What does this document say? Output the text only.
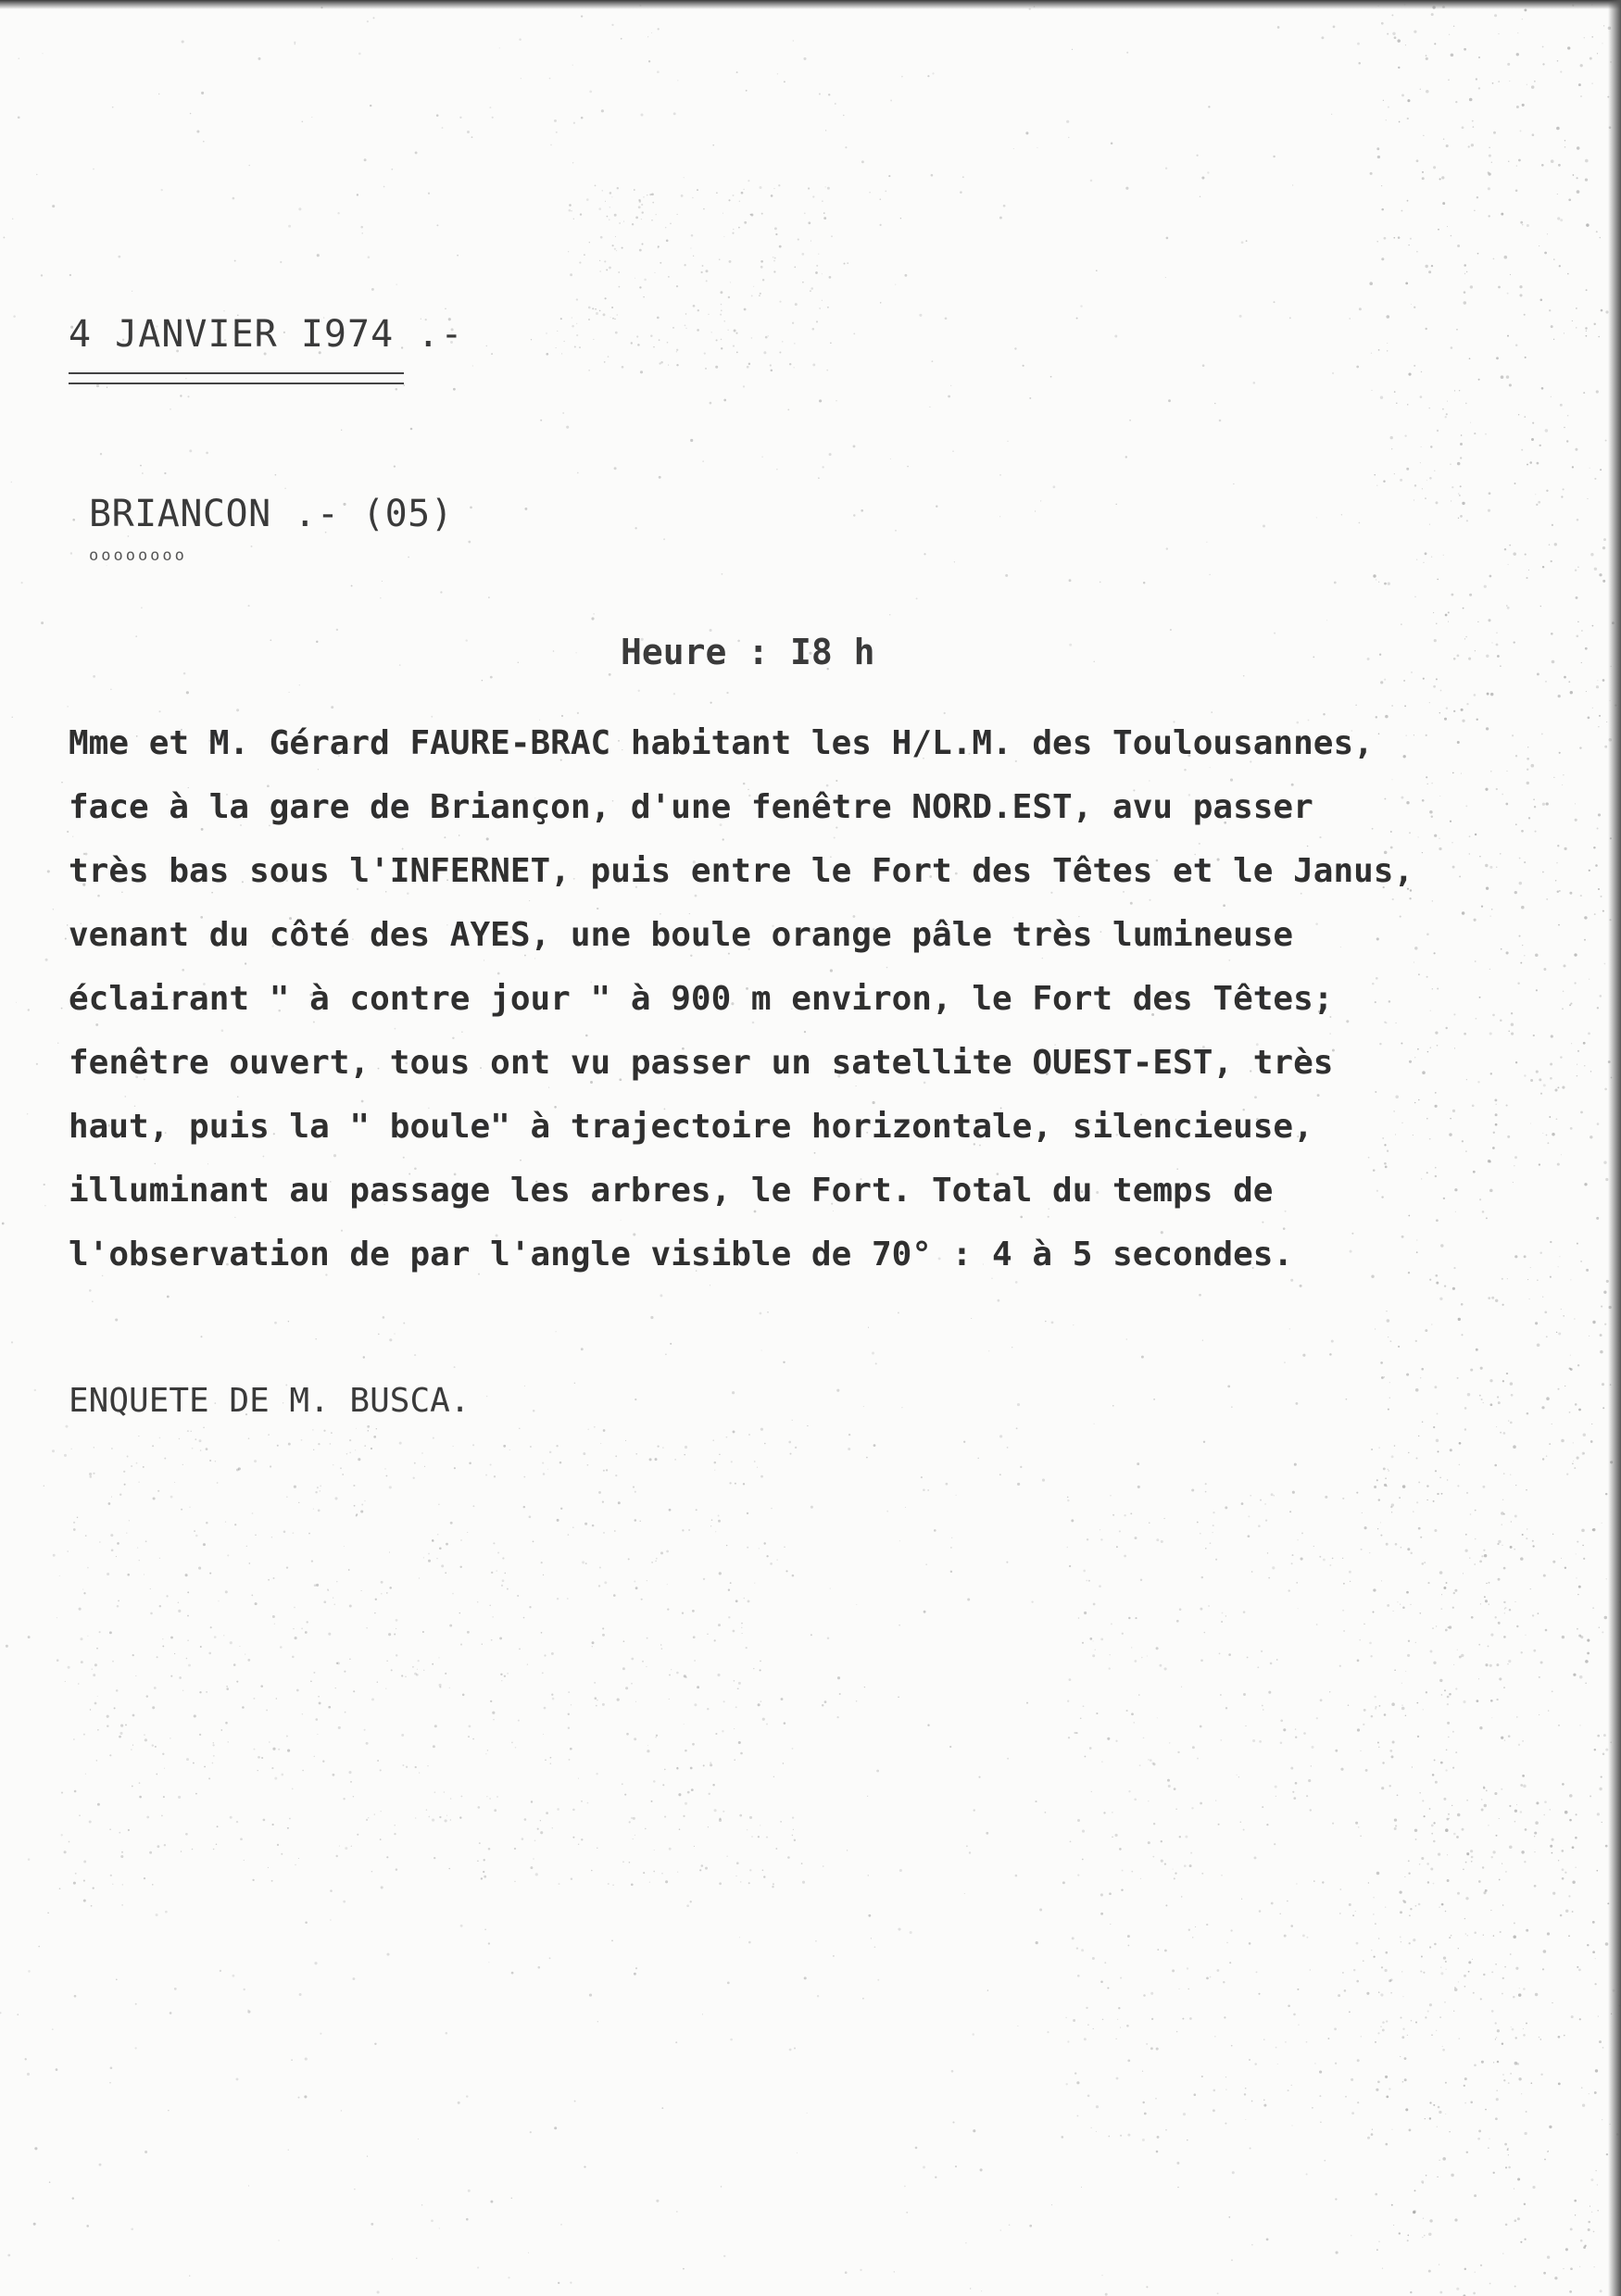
4 JANVIER I974 .-
BRIANCON .- (05)
oooooooo
Heure : I8 h
Mme et M. Gérard FAURE-BRAC habitant les H/L.M. des Toulousannes,
face à la gare de Briançon, d'une fenêtre NORD.EST, avu passer
très bas sous l'INFERNET, puis entre le Fort des Têtes et le Janus,
venant du côté des AYES, une boule orange pâle très lumineuse
éclairant " à contre jour " à 900 m environ, le Fort des Têtes;
fenêtre ouvert, tous ont vu passer un satellite OUEST-EST, très
haut, puis la " boule" à trajectoire horizontale, silencieuse,
illuminant au passage les arbres, le Fort. Total du temps de
l'observation de par l'angle visible de 70° : 4 à 5 secondes.
ENQUETE DE M. BUSCA.
